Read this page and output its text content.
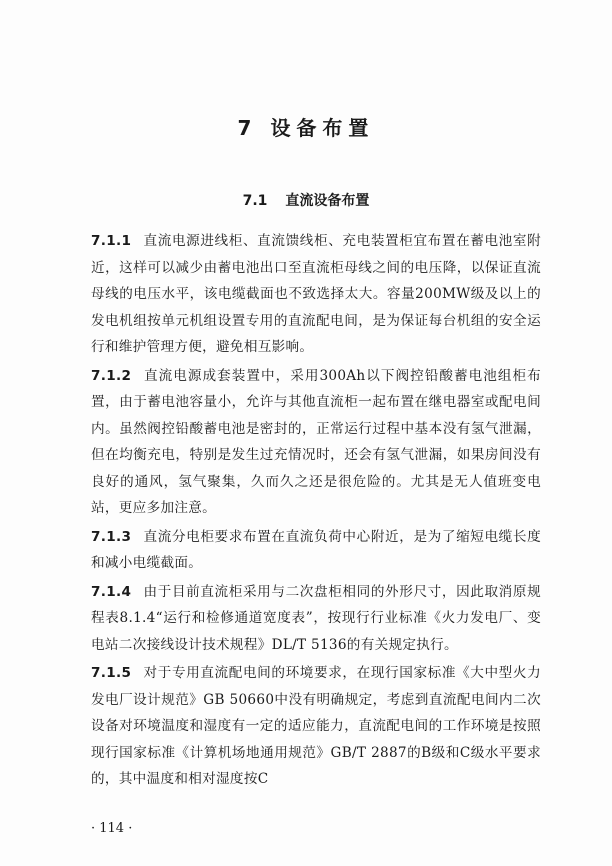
7 设备布置
7.1 直流设备布置

7.1.1 直流电源进线柜、直流馈线柜、充电装置柜宜布置在蓄电池室附近，这样可以减少由蓄电池出口至直流柜母线之间的电压降，以保证直流母线的电压水平，该电缆截面也不致选择太大。容量200MW级及以上的发电机组按单元机组设置专用的直流配电间，是为保证每台机组的安全运行和维护管理方便，避免相互影响。

7.1.2 直流电源成套装置中，采用300Ah以下阀控铅酸蓄电池组柜布置，由于蓄电池容量小，允许与其他直流柜一起布置在继电器室或配电间内。虽然阀控铅酸蓄电池是密封的，正常运行过程中基本没有氢气泄漏，但在均衡充电，特别是发生过充情况时，还会有氢气泄漏，如果房间没有良好的通风，氢气聚集，久而久之还是很危险的。尤其是无人值班变电站，更应多加注意。

7.1.3 直流分电柜要求布置在直流负荷中心附近，是为了缩短电缆长度和减小电缆截面。

7.1.4 由于目前直流柜采用与二次盘柜相同的外形尺寸，因此取消原规程表8.1.4“运行和检修通道宽度表”，按现行行业标准《火力发电厂、变电站二次接线设计技术规程》DL/T 5136的有关规定执行。

7.1.5 对于专用直流配电间的环境要求，在现行国家标准《大中型火力发电厂设计规范》GB 50660中没有明确规定，考虑到直流配电间内二次设备对环境温度和湿度有一定的适应能力，直流配电间的工作环境是按照现行国家标准《计算机场地通用规范》GB/T 2887的B级和C级水平要求的，其中温度和相对湿度按C

· 114 ·
